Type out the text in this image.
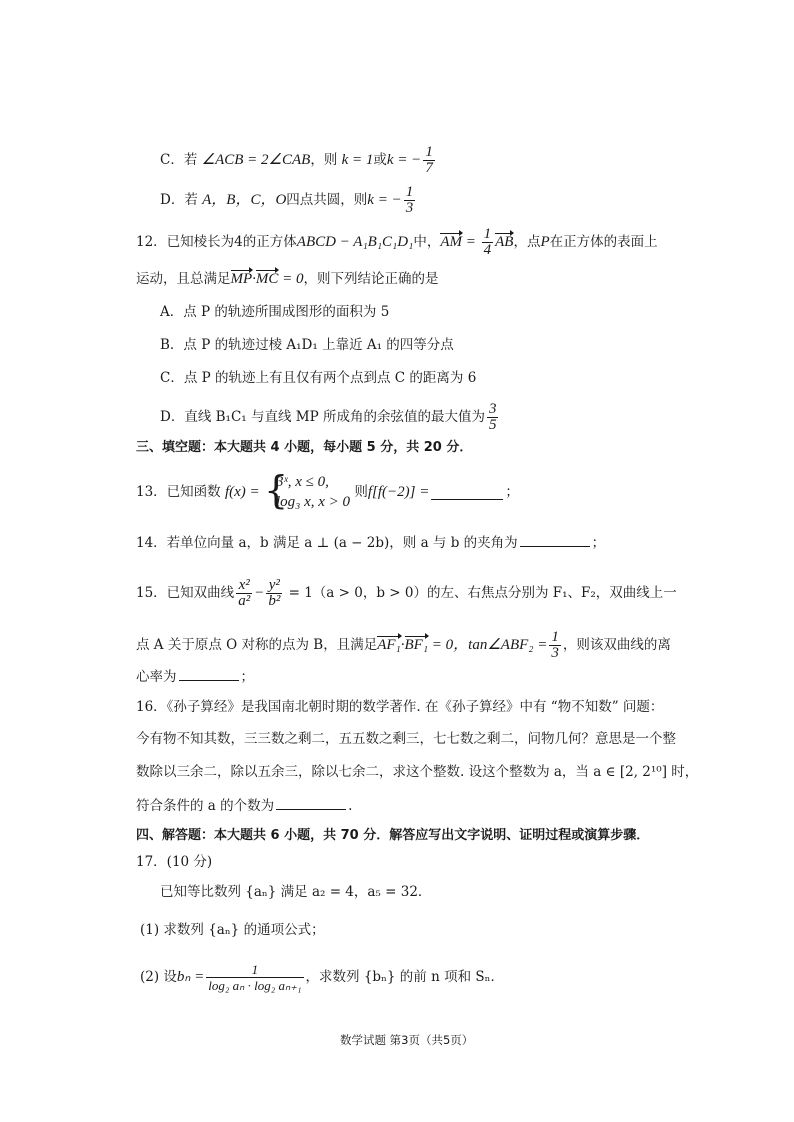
C．若 ∠ACB = 2∠CAB，则 k = 1或k = − $\frac{1}{7}$
D．若 A，B，C，O四点共圆，则k = − $\frac{1}{3}$
12．已知棱长为4的正方体ABCD − A₁B₁C₁D₁中，AM = $\frac{1}{4}$ AB，点P在正方体的表面上
运动，且总满足MP·MC = 0，则下列结论正确的是
A．点 P 的轨迹所围成图形的面积为 5
B．点 P 的轨迹过棱 A₁D₁ 上靠近 A₁ 的四等分点
C．点 P 的轨迹上有且仅有两个点到点 C 的距离为 6
D．直线 B₁C₁ 与直线 MP 所成角的余弦值的最大值为 $\frac{3}{5}$
三、填空题：本大题共 4 小题，每小题 5 分，共 20 分．
13．已知函数 f(x) =
{ 3ˣ, x ≤ 0,
log₃ x, x > 0
则f[f(−2)] =	；
14．若单位向量 a，b 满足 a ⊥ (a − 2b)，则 a 与 b 的夹角为	；
15．已知双曲线 $\frac{\text{x²}}{\text{a²}} - \frac{\text{y²}}{\text{b²}} = 1(a > 0$，b > 0）的左、右焦点分别为 F₁、F₂，双曲线上一
点 A 关于原点 O 对称的点为 B，且满足AF₁·BF₁ = 0，tan∠ABF₂ = $\frac{1}{3}$ ，则该双曲线的离
心率为	；
16．《孙子算经》是我国南北朝时期的数学著作. 在《孙子算经》中有 “物不知数” 问题：
今有物不知其数，三三数之剩二，五五数之剩三，七七数之剩二，问物几何？意思是一个整
数除以三余二，除以五余三，除以七余二，求这个整数. 设这个整数为 a，当 a ∈ [2, 2¹⁰] 时，
符合条件的 a 的个数为	.
四、解答题：本大题共 6 小题，共 70 分．解答应写出文字说明、证明过程或演算步骤．
17．(10 分)
已知等比数列 {aₙ} 满足 a₂ = 4，a₅ = 32．
(1) 求数列 {aₙ} 的通项公式；
(2) 设$b_n = \frac{1}{\text{log₂ aₙ · log₂ aₙ₊₁}}$ ，求数列 {bₙ} 的前 n 项和 Sₙ．
数学试题 第3页（共5页）
